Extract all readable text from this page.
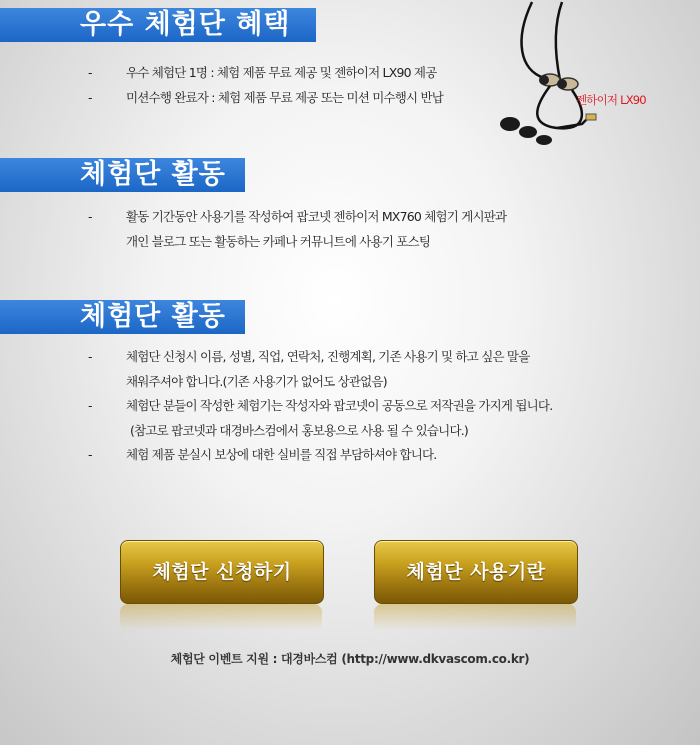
우수 체험단 혜택
-	우수 체험단 1명 : 체험 제품 무료 제공 및 젠하이저 LX90 제공
-	미션수행 완료자 : 체험 제품 무료 제공 또는 미션 미수행시 반납	젠하이저 LX90
체험단 활동
-	활동 기간동안 사용기를 작성하여 팝코넷 젠하이저 MX760 체험기 게시판과
개인 블로그 또는 활동하는 카페나 커뮤니트에 사용기 포스팅
체험단 활동
-	체험단 신청시 이름, 성별, 직업, 연락처, 진행계획, 기존 사용기 및 하고 싶은 말을
채워주셔야 합니다.(기존 사용기가 없어도 상관없음)
-	체험단 분들이 작성한 체험기는 작성자와 팝코넷이 공동으로 저작권을 가지게 됩니다.
(참고로 팝코넷과 대경바스컴에서 홍보용으로 사용 될 수 있습니다.)
-	체험 제품 분실시 보상에 대한 실비를 직접 부담하셔야 합니다.
체험단 신청하기	체험단 사용기란
체험단 이벤트 지원 : 대경바스컴 (http://www.dkvascom.co.kr)
